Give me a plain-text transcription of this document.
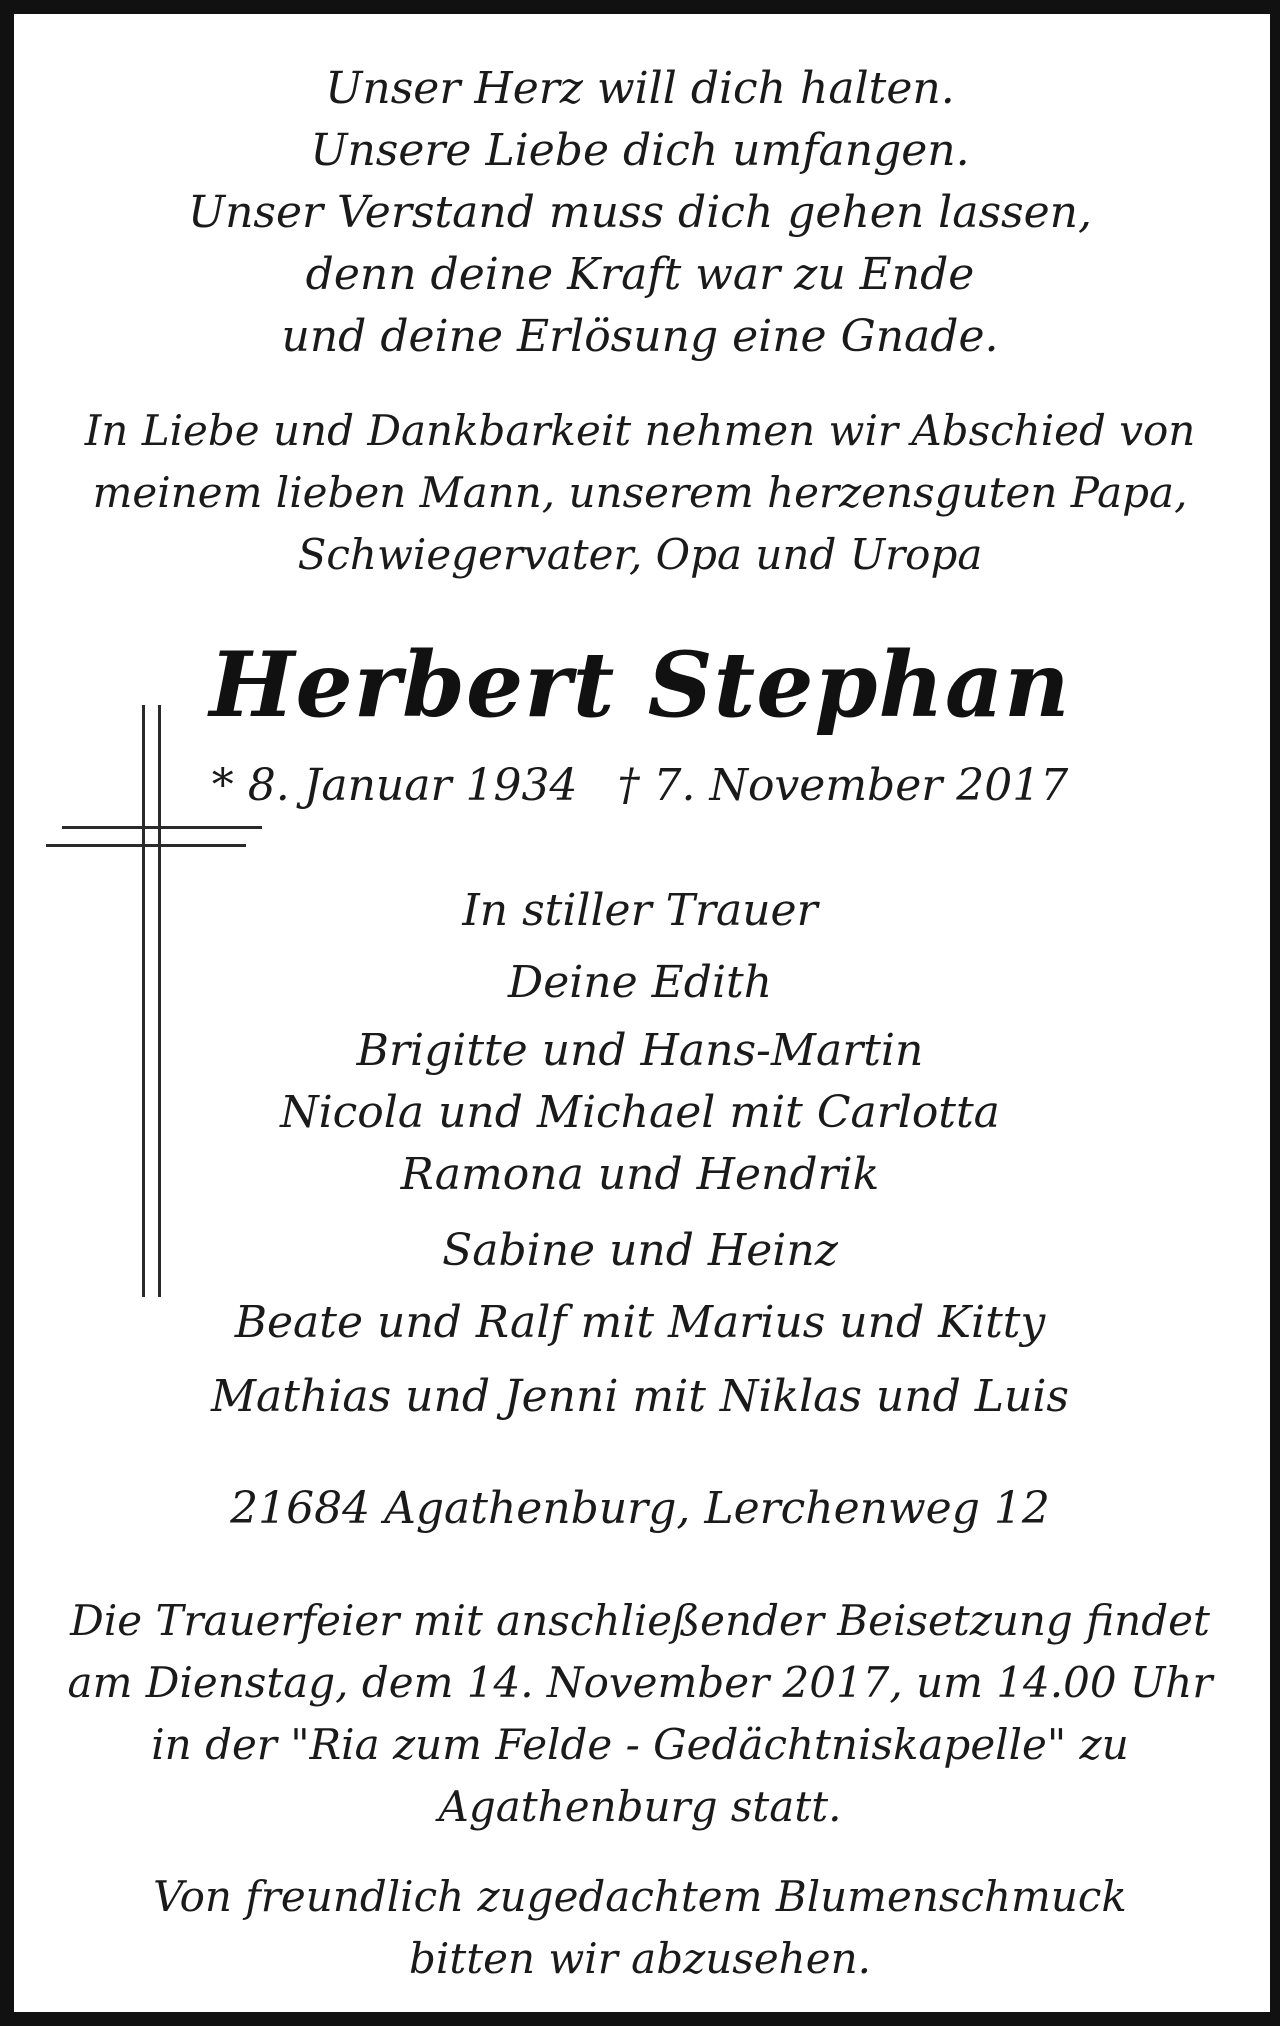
Unser Herz will dich halten.
Unsere Liebe dich umfangen.
Unser Verstand muss dich gehen lassen,
denn deine Kraft war zu Ende
und deine Erlösung eine Gnade.
In Liebe und Dankbarkeit nehmen wir Abschied von
meinem lieben Mann, unserem herzensguten Papa,
Schwiegervater, Opa und Uropa
Herbert Stephan
* 8. Januar 1934 † 7. November 2017
In stiller Trauer
Deine Edith
Brigitte und Hans-Martin
Nicola und Michael mit Carlotta
Ramona und Hendrik
Sabine und Heinz
Beate und Ralf mit Marius und Kitty
Mathias und Jenni mit Niklas und Luis
21684 Agathenburg, Lerchenweg 12
Die Trauerfeier mit anschließender Beisetzung findet
am Dienstag, dem 14. November 2017, um 14.00 Uhr
in der "Ria zum Felde - Gedächtniskapelle" zu
Agathenburg statt.
Von freundlich zugedachtem Blumenschmuck
bitten wir abzusehen.
